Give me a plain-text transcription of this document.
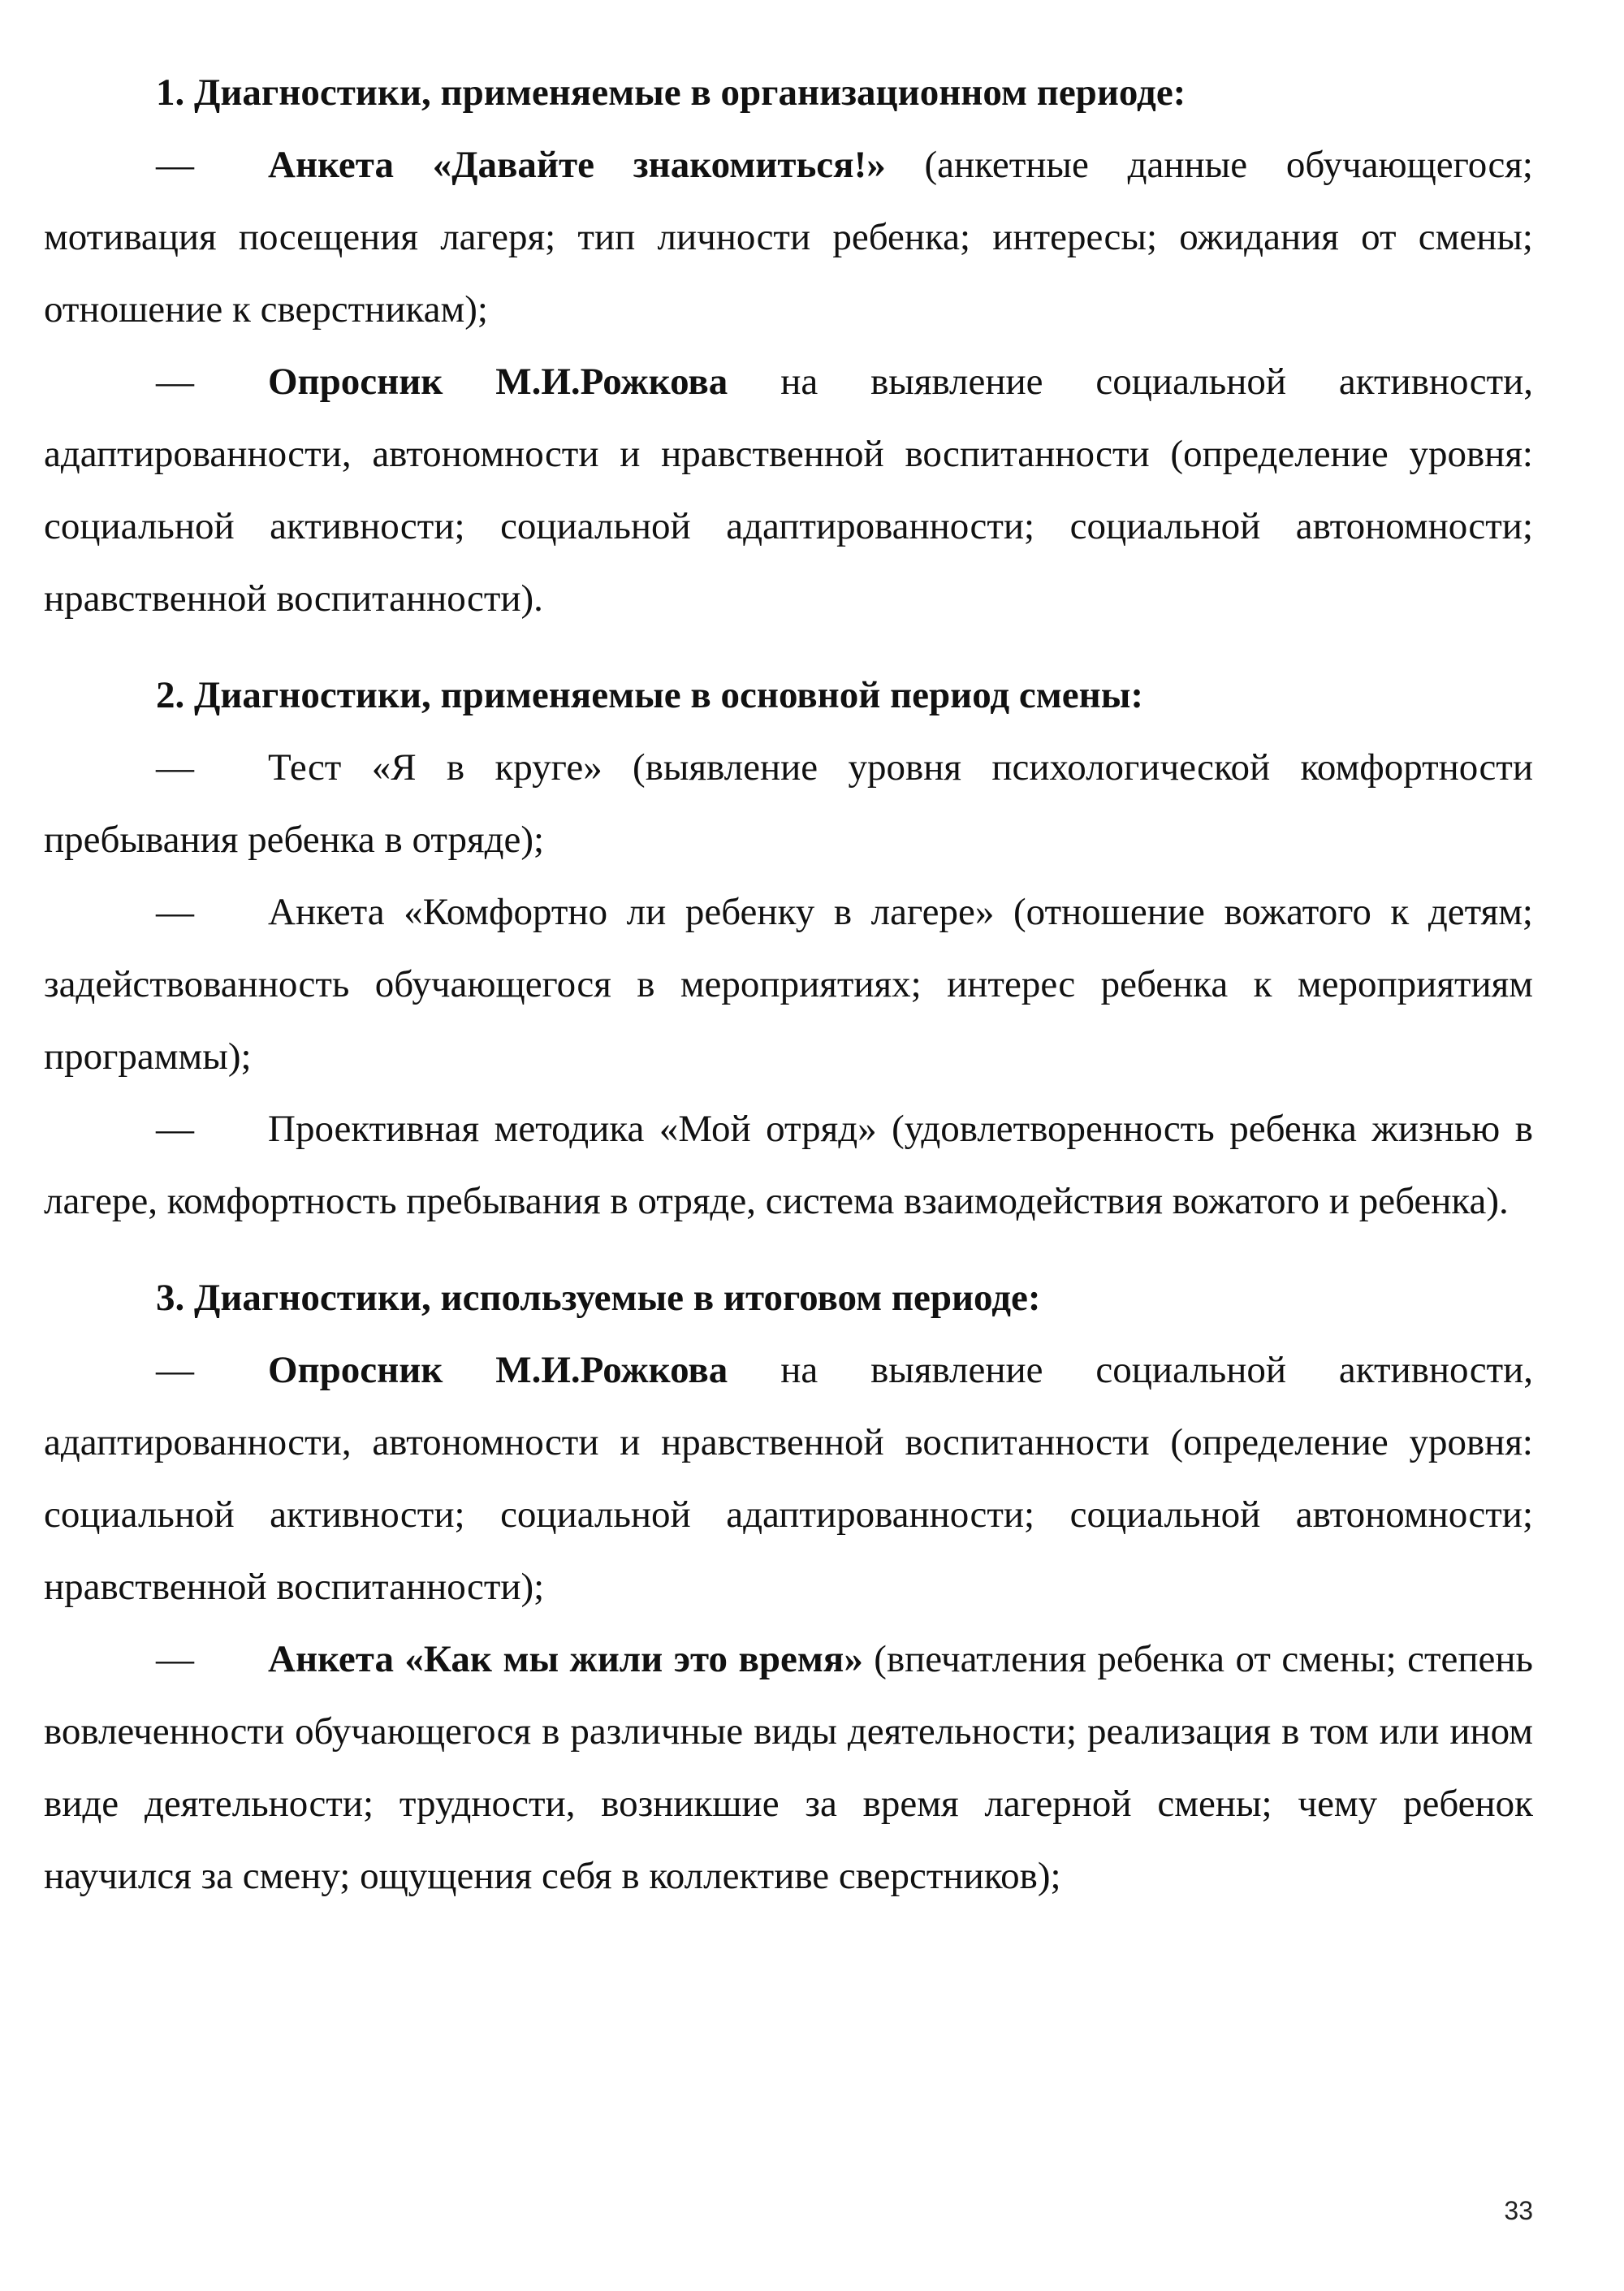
1. Диагностики, применяемые в организационном периоде:

— Анкета «Давайте знакомиться!» (анкетные данные обучающегося; мотивация посещения лагеря; тип личности ребенка; интересы; ожидания от смены; отношение к сверстникам);

— Опросник М.И.Рожкова на выявление социальной активности, адаптированности, автономности и нравственной воспитанности (определение уровня: социальной активности; социальной адаптированности; социальной автономности; нравственной воспитанности).

2. Диагностики, применяемые в основной период смены:

— Тест «Я в круге» (выявление уровня психологической комфортности пребывания ребенка в отряде);

— Анкета «Комфортно ли ребенку в лагере» (отношение вожатого к детям; задействованность обучающегося в мероприятиях; интерес ребенка к мероприятиям программы);

— Проективная методика «Мой отряд» (удовлетворенность ребенка жизнью в лагере, комфортность пребывания в отряде, система взаимодействия вожатого и ребенка).

3. Диагностики, используемые в итоговом периоде:

— Опросник М.И.Рожкова на выявление социальной активности, адаптированности, автономности и нравственной воспитанности (определение уровня: социальной активности; социальной адаптированности; социальной автономности; нравственной воспитанности);

— Анкета «Как мы жили это время» (впечатления ребенка от смены; степень вовлеченности обучающегося в различные виды деятельности; реализация в том или ином виде деятельности; трудности, возникшие за время лагерной смены; чему ребенок научился за смену; ощущения себя в коллективе сверстников);

33
